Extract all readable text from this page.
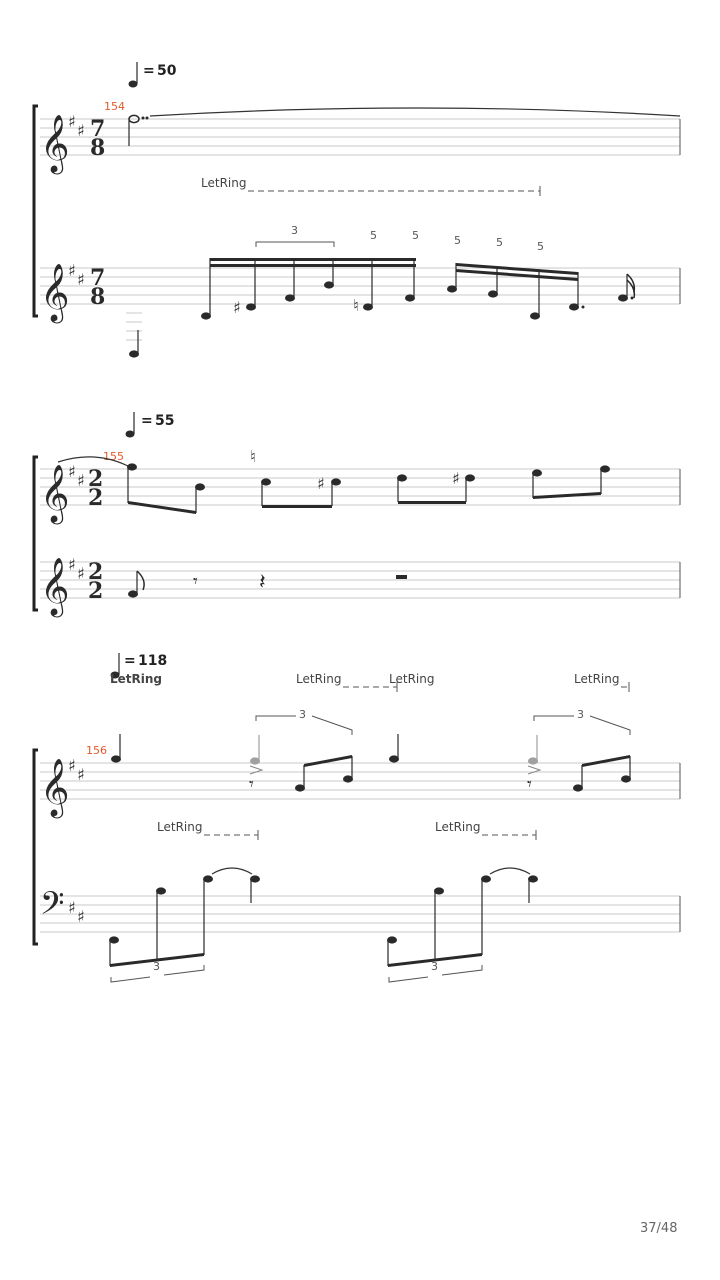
= 50
154
𝄞
♯ ♯ 7
8
LetRing
𝄞
♯ ♯ 7
8	♯	♮
3	5	5	5	5	5
= 55
155
𝄞
♯ ♯ 2
2
♮
♯	♯
𝄞
♯ ♯ 2
2	𝄾	𝄽
= 118
LetRing	LetRing	LetRing	LetRing
3	3
156
𝄞
♯ ♯	𝄾	𝄾
LetRing	LetRing
𝄢 ♯ ♯
3	3
37/48
